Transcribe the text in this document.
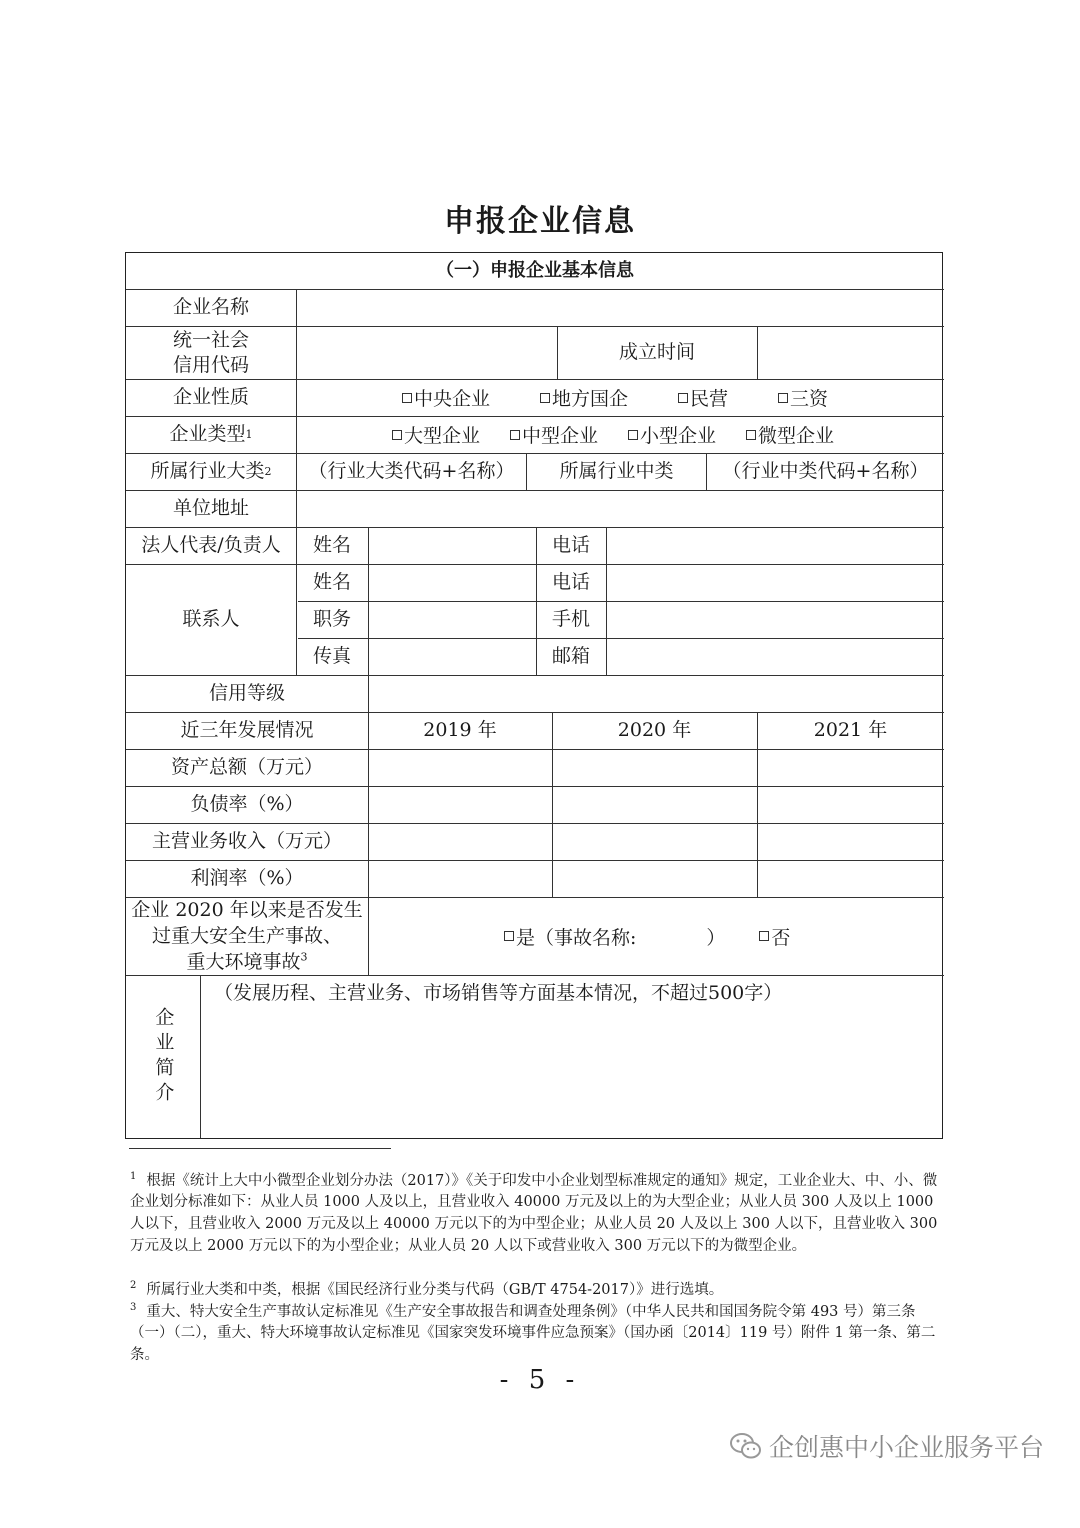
申报企业信息
（一）申报企业基本信息
企业名称
统一社会
信用代码
成立时间
企业性质	中央企业	地方国企	民营	三资
企业类型 1	大型企业 中型企业 小型企业 微型企业
所属行业大类 2	（行业大类代码+名称）	所属行业中类	（行业中类代码+名称）
单位地址
法人代表/负责人	姓名	电话
联系人
姓名	电话
职务	手机
传真	邮箱
信用等级
近三年发展情况	2019 年	2020 年	2021 年
资产总额（万元）
负债率（%）
主营业务收入（万元）
利润率（%）
企业 2020 年以来是否发生
过重大安全生产事故、
重大环境事故$^3$
是（事故名称:	） 否
企业简介
（发展历程、主营业务、市场销售等方面基本情况，不超过500字）
$^1$ 根据《统计上大中小微型企业划分办法（2017）》《关于印发中小企业划型标准规定的通知》规定，工业企业大、中、小、微企业划分标准如下：从业人员 1000 人及以上，且营业收入 40000 万元及以上的为大型企业；从业人员 300 人及以上 1000 人以下，且营业收入 2000 万元及以上 40000 万元以下的为中型企业；从业人员 20 人及以上 300 人以下，且营业收入 300 万元及以上 2000 万元以下的为小型企业；从业人员 20 人以下或营业收入 300 万元以下的为微型企业。
$^2$ 所属行业大类和中类，根据《国民经济行业分类与代码（GB/T 4754-2017）》进行选填。
$^3$ 重大、特大安全生产事故认定标准见《生产安全事故报告和调查处理条例》（中华人民共和国国务院令第 493 号）第三条（一）（二），重大、特大环境事故认定标准见《国家突发环境事件应急预案》（国办函〔2014〕119 号）附件 1 第一条、第二条。
- 5 -
企创惠中小企业服务平台
